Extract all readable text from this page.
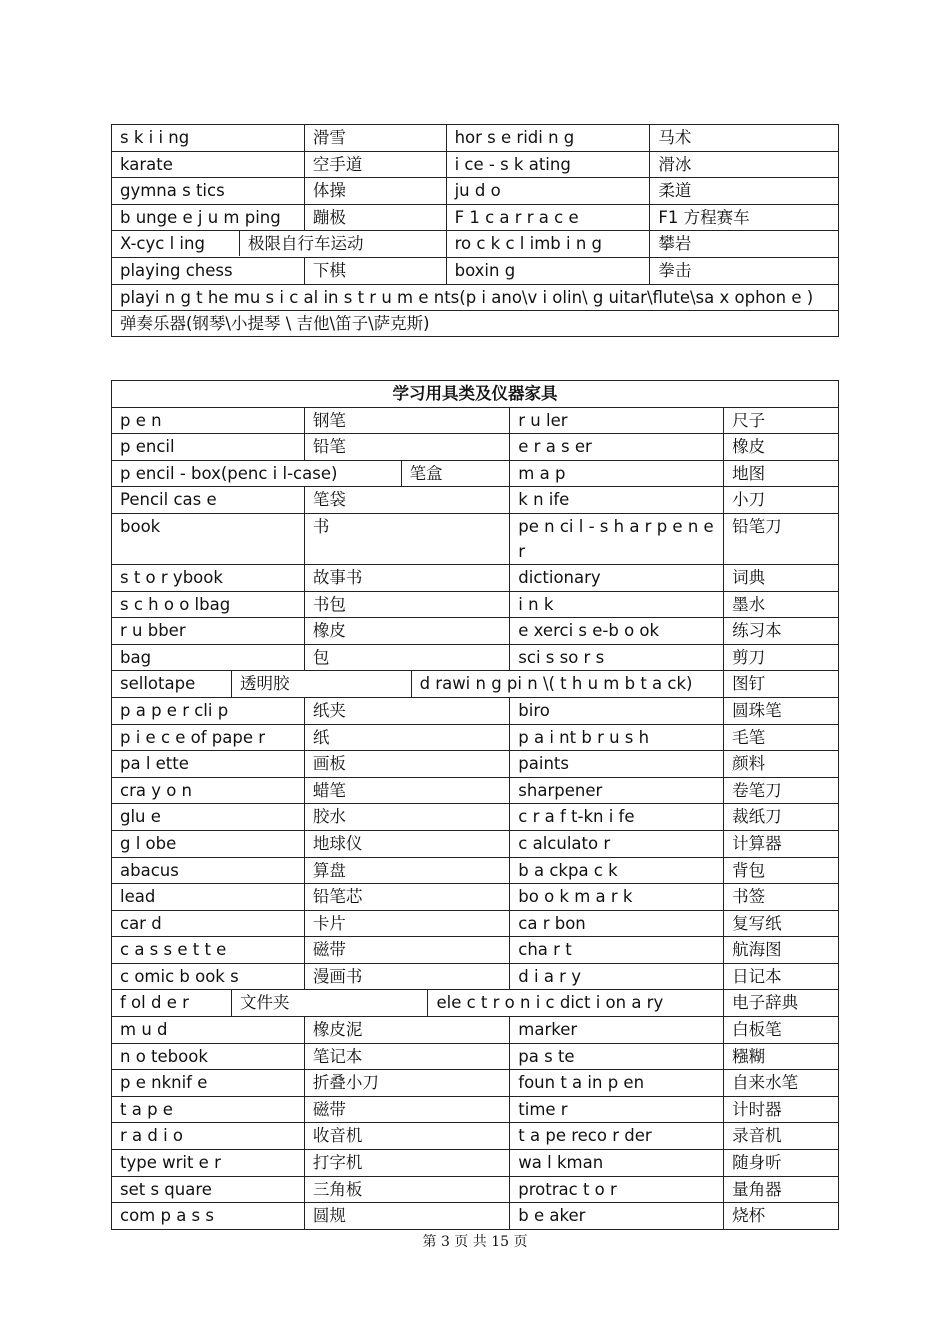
s k i i ng	滑雪	hor s e ridi n g	马术
karate	空手道	i ce - s k ating	滑冰
gymna s tics	体操	ju d o	柔道
b unge e j u m ping	蹦极	F 1 c a r r a c e	F1 方程赛车

X-cyc l ing 极限自行车运动		ro c k c l imb i n g	攀岩
playing chess	下棋	boxin g	拳击
playi n g t he mu s i c al in s t r u m e nts(p i ano\v i olin\ g uitar\flute\sa x ophon e )			
弹奏乐器(钢琴\小提琴 \ 吉他\笛子\萨克斯)			
学习用具类及仪器家具							
p e n		钢笔				r u ler	尺子
p encil		铅笔				e r a s er	橡皮
p encil - box(penc i l-case)			笔盒			m a p	地图
Pencil cas e		笔袋				k n ife	小刀
book		书				pe n ci l - s h a r p e n e r	铅笔刀
s t o r ybook		故事书				dictionary	词典
s c h o o lbag		书包				i n k	墨水
r u bber		橡皮				e xerci s e-b o ok	练习本
bag		包				sci s so r s	剪刀
sellotape	透明胶			d rawi n g pi n \( t h u m b t a ck)			图钉
p a p e r cli p		纸夹				biro	圆珠笔
p i e c e of pape r		纸				p a i nt b r u s h	毛笔
pa l ette		画板				paints	颜料
cra y o n		蜡笔				sharpener	卷笔刀
glu e		胶水				c r a f t-kn i fe	裁纸刀
g l obe		地球仪				c alculato r	计算器
abacus		算盘				b a ckpa c k	背包
lead		铅笔芯				bo o k m a r k	书签
car d		卡片				ca r bon	复写纸
c a s s e t t e		磁带				cha r t	航海图
c omic b ook s		漫画书				d i a r y	日记本
f ol d e r	文件夹				ele c t r o n i c dict i on a ry		电子辞典
m u d		橡皮泥				marker	白板笔
n o tebook		笔记本				pa s te	糨糊
p e nknif e		折叠小刀				foun t a in p en	自来水笔
t a p e		磁带				time r	计时器
r a d i o		收音机				t a pe reco r der	录音机
type writ e r		打字机				wa l kman	随身听
set s quare		三角板				protrac t o r	量角器
com p a s s		圆规				b e aker	烧杯
第 3 页 共 15 页
